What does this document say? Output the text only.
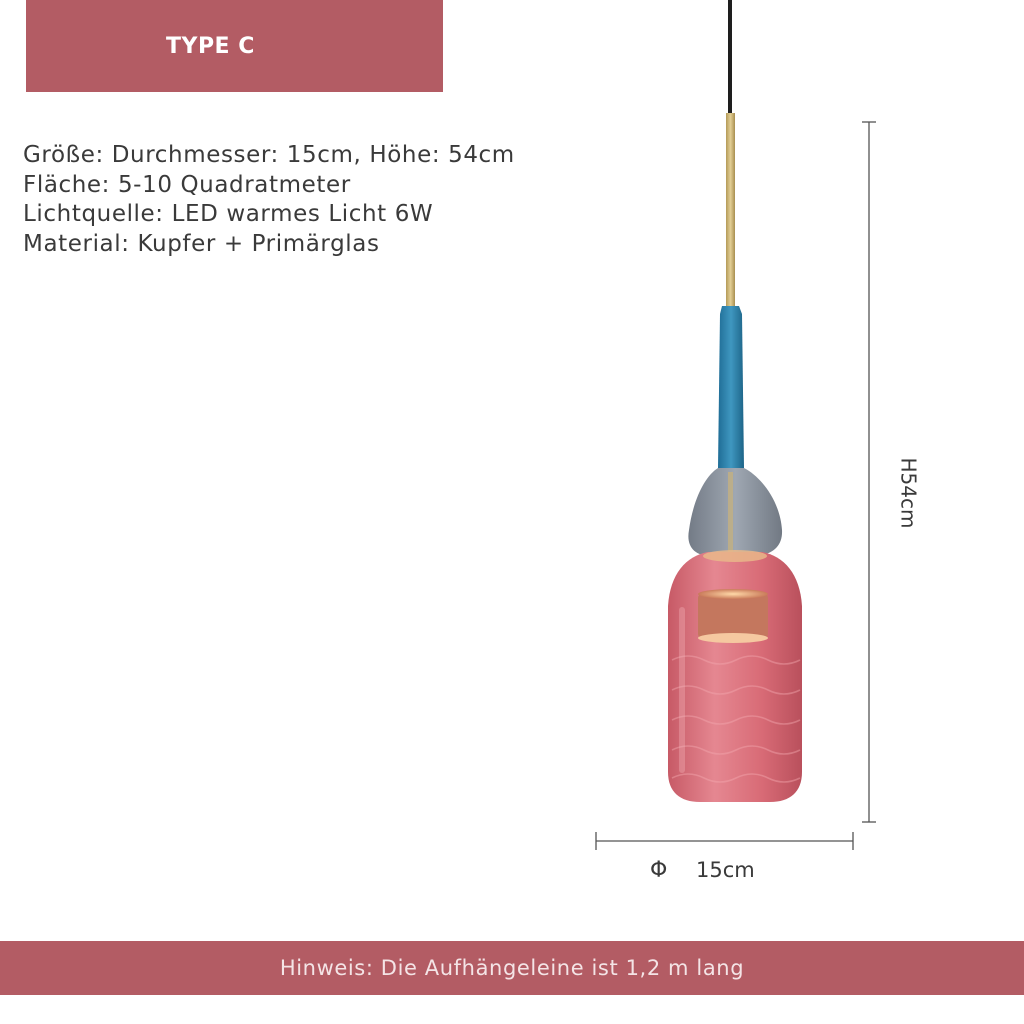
TYPE C
Größe: Durchmesser: 15cm, Höhe: 54cm
Fläche: 5-10 Quadratmeter
Lichtquelle: LED warmes Licht 6W
Material: Kupfer + Primärglas
H54cm
Φ 15cm
Hinweis: Die Aufhängeleine ist 1,2 m lang
